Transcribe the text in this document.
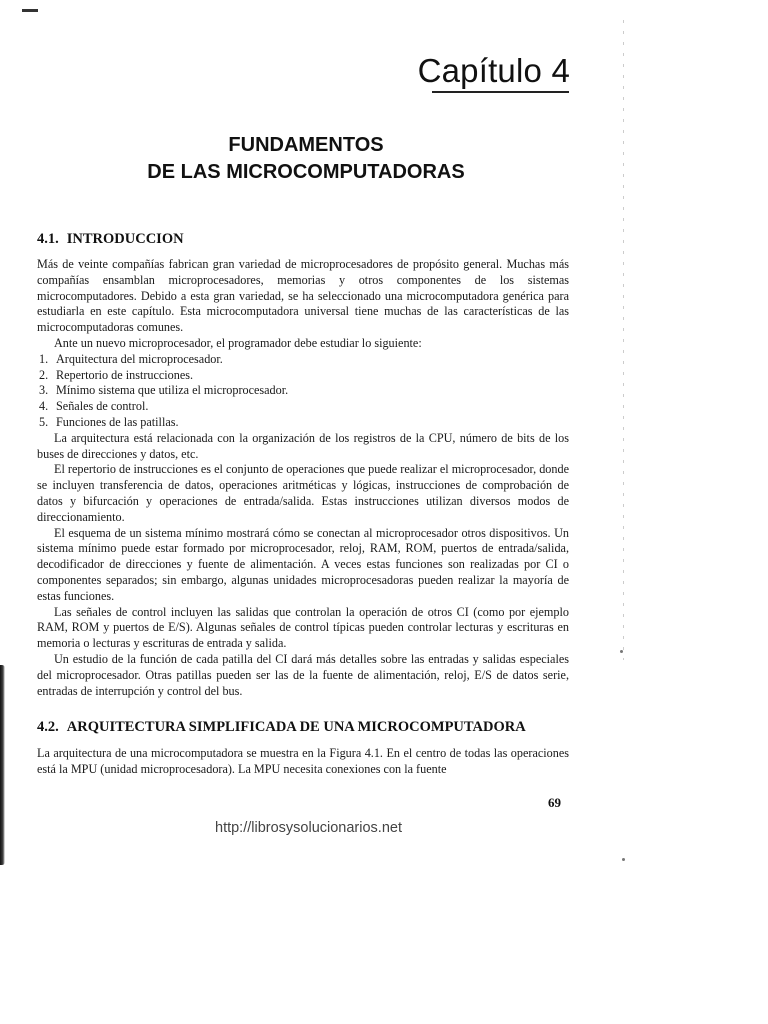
Capítulo 4
FUNDAMENTOS
DE LAS MICROCOMPUTADORAS
4.1. INTRODUCCION

Más de veinte compañías fabrican gran variedad de microprocesadores de propósito general. Muchas más compañías ensamblan microprocesadores, memorias y otros componentes de los sistemas microcomputadores. Debido a esta gran variedad, se ha seleccionado una microcomputadora genérica para estudiarla en este capítulo. Esta microcomputadora universal tiene muchas de las características de las microcomputadoras comunes.

Ante un nuevo microprocesador, el programador debe estudiar lo siguiente:

1. Arquitectura del microprocesador.
2. Repertorio de instrucciones.
3. Mínimo sistema que utiliza el microprocesador.
4. Señales de control.
5. Funciones de las patillas.

La arquitectura está relacionada con la organización de los registros de la CPU, número de bits de los buses de direcciones y datos, etc.

El repertorio de instrucciones es el conjunto de operaciones que puede realizar el microprocesador, donde se incluyen transferencia de datos, operaciones aritméticas y lógicas, instrucciones de comprobación de datos y bifurcación y operaciones de entrada/salida. Estas instrucciones utilizan diversos modos de direccionamiento.

El esquema de un sistema mínimo mostrará cómo se conectan al microprocesador otros dispositivos. Un sistema mínimo puede estar formado por microprocesador, reloj, RAM, ROM, puertos de entrada/salida, decodificador de direcciones y fuente de alimentación. A veces estas funciones son realizadas por CI o componentes separados; sin embargo, algunas unidades microprocesadoras pueden realizar la mayoría de estas funciones.

Las señales de control incluyen las salidas que controlan la operación de otros CI (como por ejemplo RAM, ROM y puertos de E/S). Algunas señales de control típicas pueden controlar lecturas y escrituras en memoria o lecturas y escrituras de entrada y salida.

Un estudio de la función de cada patilla del CI dará más detalles sobre las entradas y salidas especiales del microprocesador. Otras patillas pueden ser las de la fuente de alimentación, reloj, E/S de datos serie, entradas de interrupción y control del bus.

4.2. ARQUITECTURA SIMPLIFICADA DE UNA MICROCOMPUTADORA

La arquitectura de una microcomputadora se muestra en la Figura 4.1. En el centro de todas las operaciones está la MPU (unidad microprocesadora). La MPU necesita conexiones con la fuente

69
http://librosysolucionarios.net
